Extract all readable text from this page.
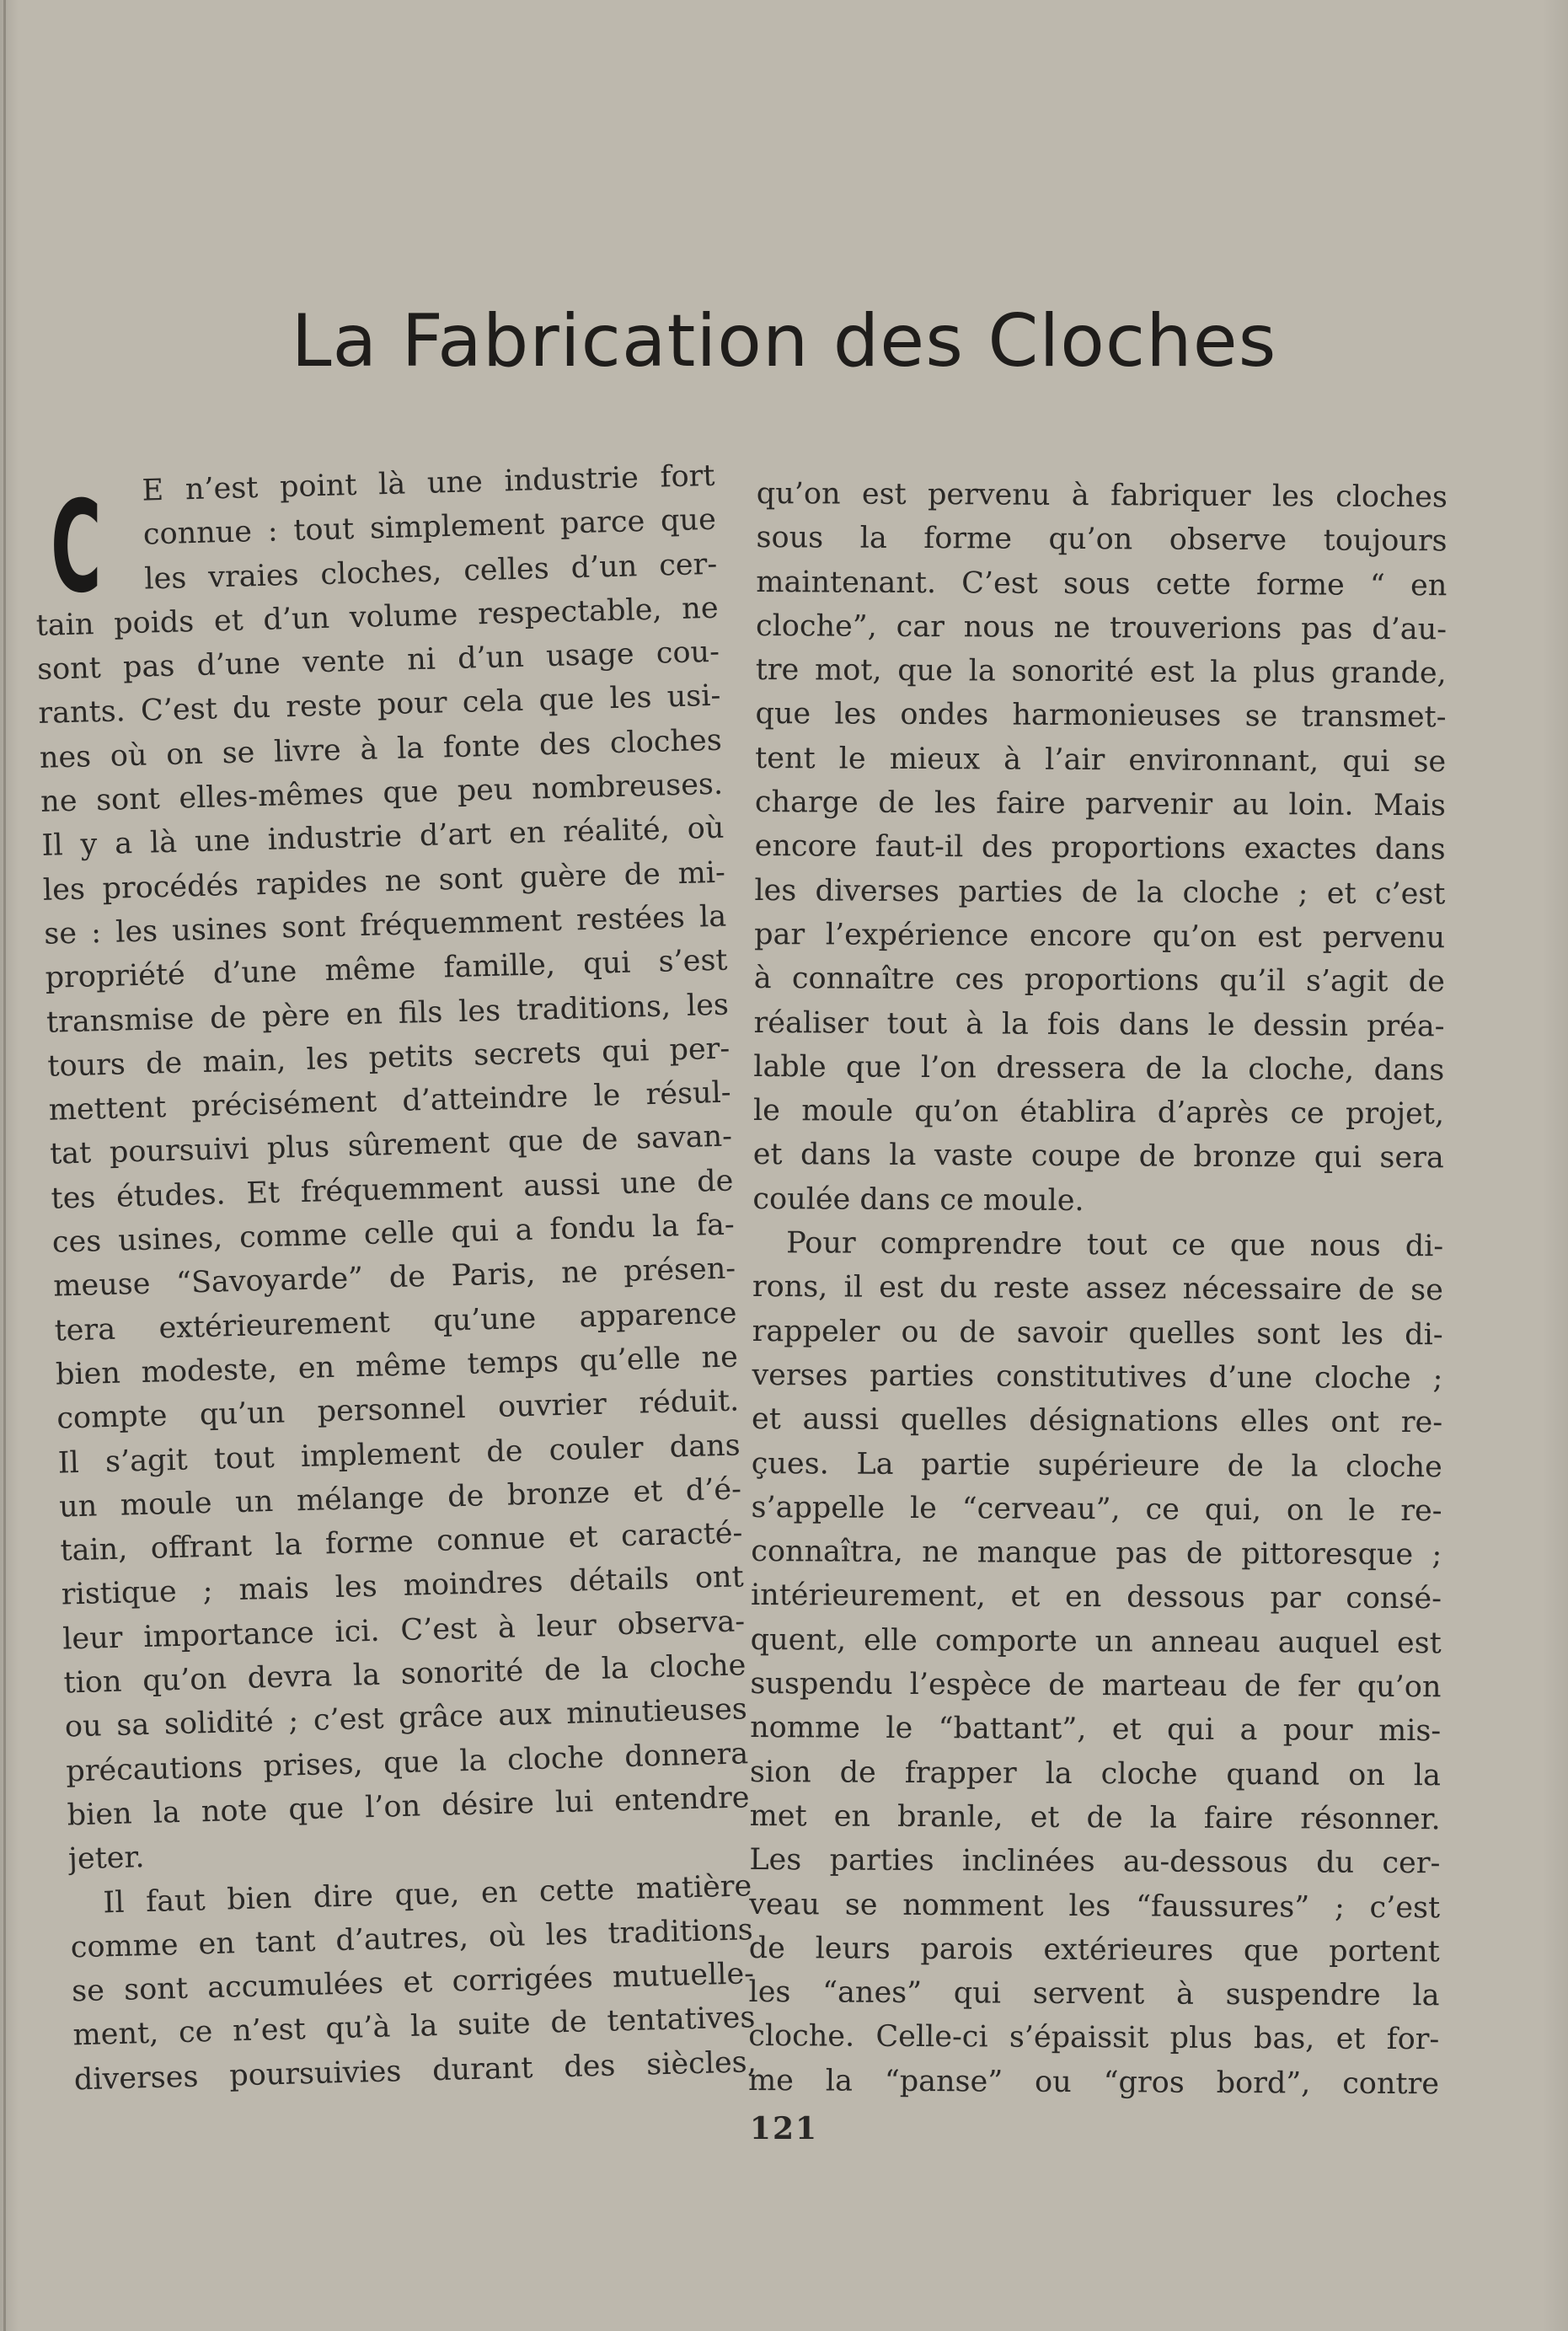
La Fabrication des Cloches
C	E n’est point là une industrie fort
connue : tout simplement parce que
les vraies cloches, celles d’un cer-
tain poids et d’un volume respectable, ne
sont pas d’une vente ni d’un usage cou-
rants. C’est du reste pour cela que les usi-
nes où on se livre à la fonte des cloches
ne sont elles-mêmes que peu nombreuses.
Il y a là une industrie d’art en réalité, où
les procédés rapides ne sont guère de mi-
se : les usines sont fréquemment restées la
propriété d’une même famille, qui s’est
transmise de père en fils les traditions, les
tours de main, les petits secrets qui per-
mettent précisément d’atteindre le résul-
tat poursuivi plus sûrement que de savan-
tes études. Et fréquemment aussi une de
ces usines, comme celle qui a fondu la fa-
meuse “Savoyarde” de Paris, ne présen-
tera extérieurement qu’une apparence
bien modeste, en même temps qu’elle ne
compte qu’un personnel ouvrier réduit.
Il s’agit tout implement de couler dans
un moule un mélange de bronze et d’é-
tain, offrant la forme connue et caracté-
ristique ; mais les moindres détails ont
leur importance ici. C’est à leur observa-
tion qu’on devra la sonorité de la cloche
ou sa solidité ; c’est grâce aux minutieuses
précautions prises, que la cloche donnera
bien la note que l’on désire lui entendre
jeter.
Il faut bien dire que, en cette matière
comme en tant d’autres, où les traditions
se sont accumulées et corrigées mutuelle-
ment, ce n’est qu’à la suite de tentatives
diverses poursuivies durant des siècles,
qu’on est pervenu à fabriquer les cloches
sous la forme qu’on observe toujours
maintenant. C’est sous cette forme “ en
cloche”, car nous ne trouverions pas d’au-
tre mot, que la sonorité est la plus grande,
que les ondes harmonieuses se transmet-
tent le mieux à l’air environnant, qui se
charge de les faire parvenir au loin. Mais
encore faut-il des proportions exactes dans
les diverses parties de la cloche ; et c’est
par l’expérience encore qu’on est pervenu
à connaître ces proportions qu’il s’agit de
réaliser tout à la fois dans le dessin préa-
lable que l’on dressera de la cloche, dans
le moule qu’on établira d’après ce projet,
et dans la vaste coupe de bronze qui sera
coulée dans ce moule.
Pour comprendre tout ce que nous di-
rons, il est du reste assez nécessaire de se
rappeler ou de savoir quelles sont les di-
verses parties constitutives d’une cloche ;
et aussi quelles désignations elles ont re-
çues. La partie supérieure de la cloche
s’appelle le “cerveau”, ce qui, on le re-
connaîtra, ne manque pas de pittoresque ;
intérieurement, et en dessous par consé-
quent, elle comporte un anneau auquel est
suspendu l’espèce de marteau de fer qu’on
nomme le “battant”, et qui a pour mis-
sion de frapper la cloche quand on la
met en branle, et de la faire résonner.
Les parties inclinées au-dessous du cer-
veau se nomment les “faussures” ; c’est
de leurs parois extérieures que portent
les “anes” qui servent à suspendre la
cloche. Celle-ci s’épaissit plus bas, et for-
me la “panse” ou “gros bord”, contre
121
